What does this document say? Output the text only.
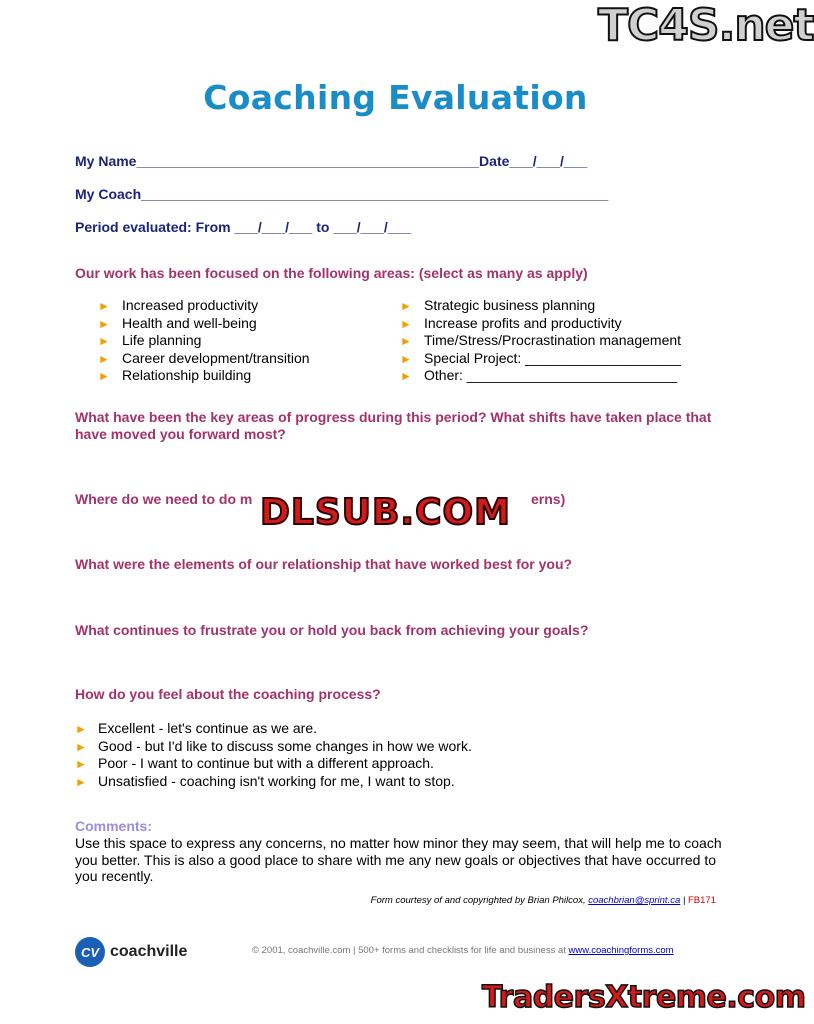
TC4S.net
Coaching Evaluation
My Name____________________________________________Date___/___/___
My Coach____________________________________________________________
Period evaluated: From ___/___/___ to ___/___/___
Our work has been focused on the following areas: (select as many as apply)
► Increased productivity
► Health and well-being
► Life planning
► Career development/transition
► Relationship building
► Strategic business planning
► Increase profits and productivity
► Time/Stress/Procrastination management
► Special Project: ____________________
► Other: ___________________________
What have been the key areas of progress during this period? What shifts have taken place that have moved you forward most?
Where do we need to do m	erns)
DLSUB.COM
What were the elements of our relationship that have worked best for you?
What continues to frustrate you or hold you back from achieving your goals?
How do you feel about the coaching process?
► Excellent - let's continue as we are.
► Good - but I'd like to discuss some changes in how we work.
► Poor - I want to continue but with a different approach.
► Unsatisfied - coaching isn't working for me, I want to stop.
Comments:
Use this space to express any concerns, no matter how minor they may seem, that will help me to coach you better. This is also a good place to share with me any new goals or objectives that have occurred to you recently.
Form courtesy of and copyrighted by Brian Philcox, coachbrian@sprint.ca | FB171
CV coachville	© 2001, coachville.com | 500+ forms and checklists for life and business at www.coachingforms.com
TradersXtreme.com
